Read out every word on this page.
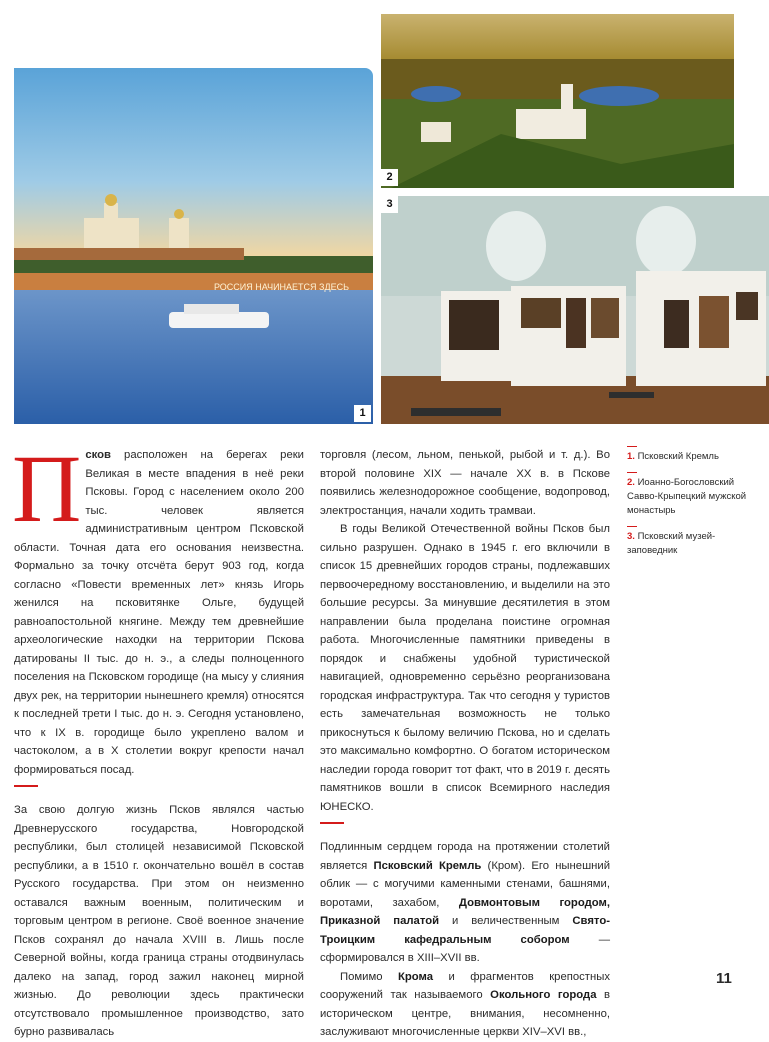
РОССИЯ НАЧИНАЕТСЯ ЗДЕСЬ
1
2
3

Псков расположен на берегах реки Великая в месте впадения в неё реки Псковы. Город с населением около 200 тыс. человек является административным центром Псковской области. Точная дата его основания неизвестна. Формально за точку отсчёта берут 903 год, когда согласно «Повести временных лет» князь Игорь женился на псковитянке Ольге, будущей равноапостольной княгине. Между тем древнейшие археологические находки на территории Пскова датированы II тыс. до н. э., а следы полноценного поселения на Псковском городище (на мысу у слияния двух рек, на территории нынешнего кремля) относятся к последней трети I тыс. до н. э. Сегодня установлено, что к IX в. городище было укреплено валом и частоколом, а в X столетии вокруг крепости начал формироваться посад.

За свою долгую жизнь Псков являлся частью Древнерусского государства, Новгородской республики, был столицей независимой Псковской республики, а в 1510 г. окончательно вошёл в состав Русского государства. При этом он неизменно оставался важным военным, политическим и торговым центром в регионе. Своё военное значение Псков сохранял до начала XVIII в. Лишь после Северной войны, когда граница страны отодвинулась далеко на запад, город зажил наконец мирной жизнью. До революции здесь практически отсутствовало промышленное производство, зато бурно развивалась

торговля (лесом, льном, пенькой, рыбой и т. д.). Во второй половине XIX — начале XX в. в Пскове появились железнодорожное сообщение, водопровод, электростанция, начали ходить трамваи.

В годы Великой Отечественной войны Псков был сильно разрушен. Однако в 1945 г. его включили в список 15 древнейших городов страны, подлежавших первоочередному восстановлению, и выделили на это большие ресурсы. За минувшие десятилетия в этом направлении была проделана поистине огромная работа. Многочисленные памятники приведены в порядок и снабжены удобной туристической навигацией, одновременно серьёзно реорганизована городская инфраструктура. Так что сегодня у туристов есть замечательная возможность не только прикоснуться к былому величию Пскова, но и сделать это максимально комфортно. О богатом историческом наследии города говорит тот факт, что в 2019 г. десять памятников вошли в список Всемирного наследия ЮНЕСКО.

Подлинным сердцем города на протяжении столетий является Псковский Кремль (Кром). Его нынешний облик — с могучими каменными стенами, башнями, воротами, захабом, Довмонтовым городом, Приказной палатой и величественным Свято-Троицким кафедральным собором — сформировался в XIII–XVII вв.

Помимо Крома и фрагментов крепостных сооружений так называемого Окольного города в историческом центре, внимания, несомненно, заслуживают многочисленные церкви XIV–XVI вв.,

1. Псковский Кремль
2. Иоанно-Богословский Савво-Крыпецкий мужской монастырь
3. Псковский музей-заповедник
11
